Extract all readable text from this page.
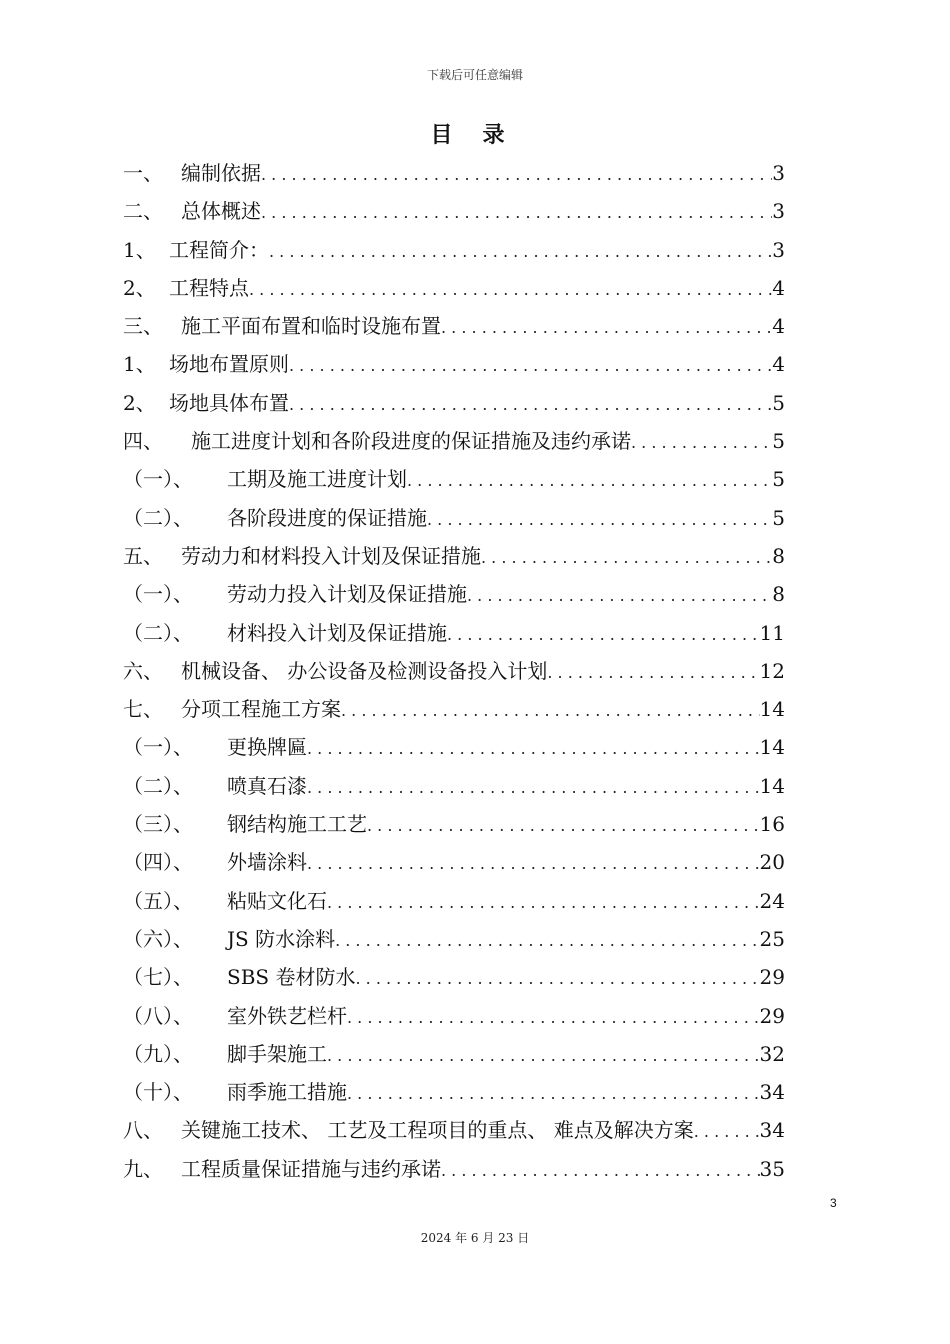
下载后可任意编辑
目录
一、 编制依据 . . .	3
二、 总体概述 . . .	3
1、 工程简介： . . .	3
2、 工程特点 . . .	4
三、 施工平面布置和临时设施布置 . . .	4
1、 场地布置原则 . . .	4
2、 场地具体布置 . . .	5
四、	施工进度计划和各阶段进度的保证措施及违约承诺 . . .	5
（一）、	工期及施工进度计划 . . .	5
（二）、	各阶段进度的保证措施 . . .	5
五、 劳动力和材料投入计划及保证措施 . . .	8
（一）、	劳动力投入计划及保证措施 . . .	8
（二）、	材料投入计划及保证措施 . . .	11
六、 机械设备、 办公设备及检测设备投入计划 . . .	12
七、 分项工程施工方案 . . .	14
（一）、	更换牌匾 . . .	14
（二）、	喷真石漆 . . .	14
（三）、	钢结构施工工艺 . . .	16
（四）、	外墙涂料 . . .	20
（五）、	粘贴文化石 . . .	24
（六）、	JS 防水涂料 . . .	25
（七）、	SBS 卷材防水 . . .	29
（八）、	室外铁艺栏杆 . . .	29
（九）、	脚手架施工 . . .	32
（十）、	雨季施工措施 . . .	34
八、 关键施工技术、 工艺及工程项目的重点、 难点及解决方案 . . .	34
九、 工程质量保证措施与违约承诺 . . .	35
3
2024 年 6 月 23 日
